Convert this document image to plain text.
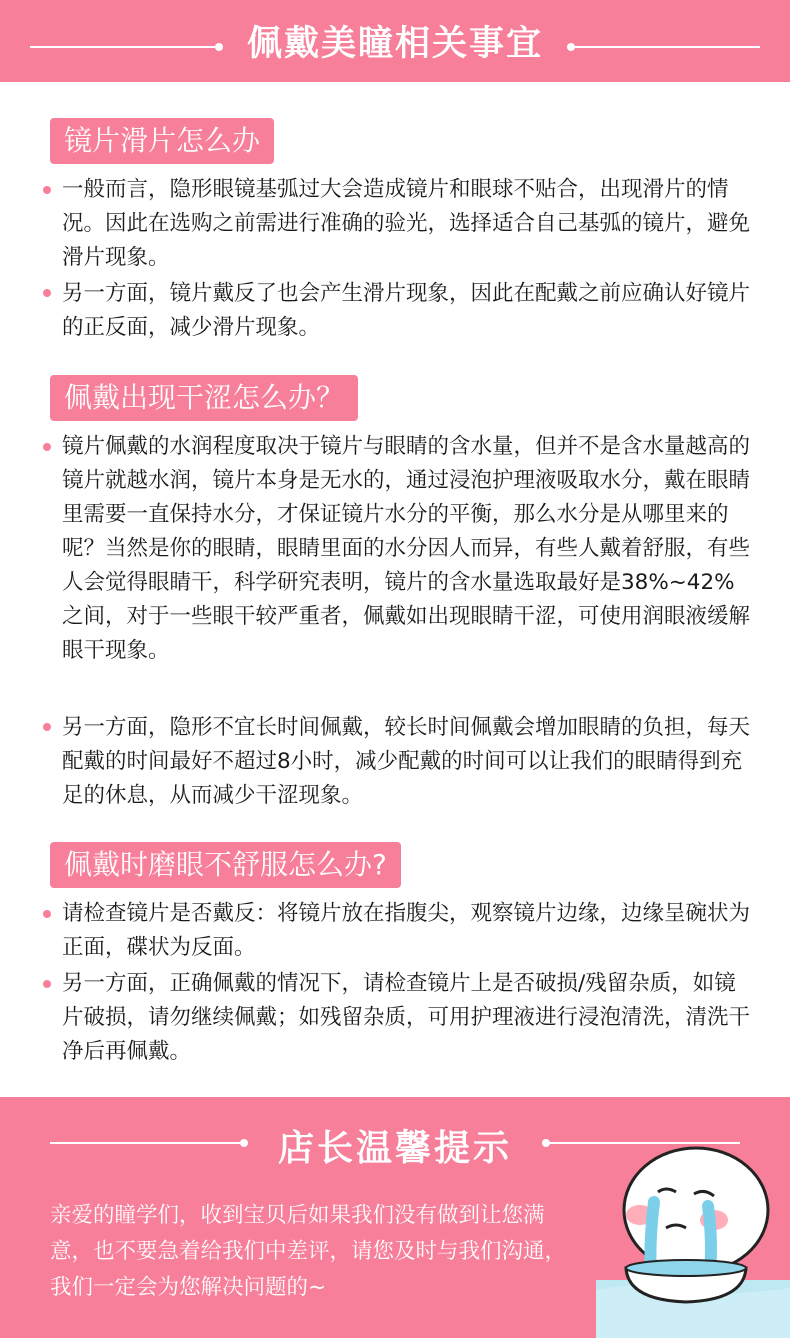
佩戴美瞳相关事宜
镜片滑片怎么办
一般而言，隐形眼镜基弧过大会造成镜片和眼球不贴合，出现滑片的情况。因此在选购之前需进行准确的验光，选择适合自己基弧的镜片，避免滑片现象。
另一方面，镜片戴反了也会产生滑片现象，因此在配戴之前应确认好镜片的正反面，减少滑片现象。
佩戴出现干涩怎么办？
镜片佩戴的水润程度取决于镜片与眼睛的含水量，但并不是含水量越高的镜片就越水润，镜片本身是无水的，通过浸泡护理液吸取水分，戴在眼睛里需要一直保持水分，才保证镜片水分的平衡，那么水分是从哪里来的呢？当然是你的眼睛，眼睛里面的水分因人而异，有些人戴着舒服，有些人会觉得眼睛干，科学研究表明，镜片的含水量选取最好是38%~42%之间，对于一些眼干较严重者，佩戴如出现眼睛干涩，可使用润眼液缓解眼干现象。
另一方面，隐形不宜长时间佩戴，较长时间佩戴会增加眼睛的负担，每天配戴的时间最好不超过8小时，减少配戴的时间可以让我们的眼睛得到充足的休息，从而减少干涩现象。
佩戴时磨眼不舒服怎么办?
请检查镜片是否戴反：将镜片放在指腹尖，观察镜片边缘，边缘呈碗状为正面，碟状为反面。
另一方面，正确佩戴的情况下，请检查镜片上是否破损/残留杂质，如镜片破损，请勿继续佩戴；如残留杂质，可用护理液进行浸泡清洗，清洗干净后再佩戴。
店长温馨提示
亲爱的瞳学们，收到宝贝后如果我们没有做到让您满意，也不要急着给我们中差评，请您及时与我们沟通，我们一定会为您解决问题的~
